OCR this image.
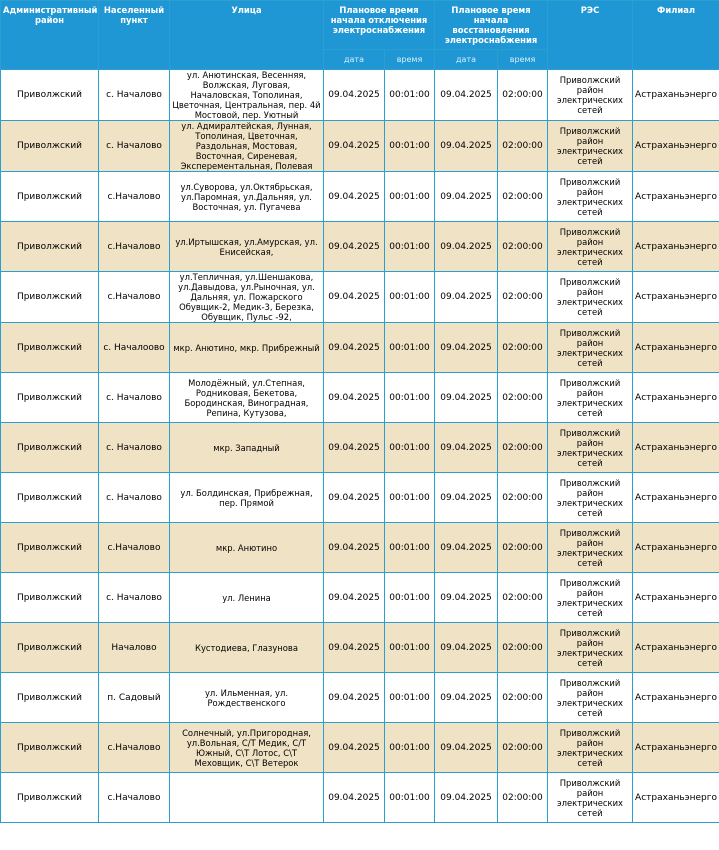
Административный район	Населенный пункт	Улица	Плановое время начала отключения электроснабжения		Плановое время начала восстановления электроснабжения		РЭС	Филиал
			дата	время	дата	время		
Приволжский	с. Началово	ул. Анютинская, Весенняя, Волжская, Луговая, Началовская, Тополиная, Цветочная, Центральная, пер. 4й Мостовой, пер. Уютный	09.04.2025	00:01:00	09.04.2025	02:00:00	Приволжский район электрических сетей	Астраханьэнерго
Приволжский	с. Началово	ул. Адмиралтейская, Лунная, Тополиная, Цветочная, Раздольная, Мостовая, Восточная, Сиреневая, Эксперементальная, Полевая	09.04.2025	00:01:00	09.04.2025	02:00:00	Приволжский район электрических сетей	Астраханьэнерго
Приволжский	с.Началово	ул.Суворова, ул.Октябрьская, ул.Паромная, ул.Дальняя, ул. Восточная, ул. Пугачева	09.04.2025	00:01:00	09.04.2025	02:00:00	Приволжский район электрических сетей	Астраханьэнерго
Приволжский	с.Началово	ул.Иртышская, ул.Амурская, ул. Енисейская,	09.04.2025	00:01:00	09.04.2025	02:00:00	Приволжский район электрических сетей	Астраханьэнерго
Приволжский	с.Началово	ул.Тепличная, ул.Шеншакова, ул.Давыдова, ул.Рыночная, ул. Дальняя, ул. Пожарского Обувщик-2, Медик-3, Березка, Обувщик, Пульс -92,	09.04.2025	00:01:00	09.04.2025	02:00:00	Приволжский район электрических сетей	Астраханьэнерго
Приволжский	с. Началоово	мкр. Анютино, мкр. Прибрежный	09.04.2025	00:01:00	09.04.2025	02:00:00	Приволжский район электрических сетей	Астраханьэнерго
Приволжский	с. Началово	Молодёжный, ул.Степная, Родниковая, Бекетова, Бородинская, Виноградная, Репина, Кутузова,	09.04.2025	00:01:00	09.04.2025	02:00:00	Приволжский район электрических сетей	Астраханьэнерго
Приволжский	с. Началово	мкр. Западный	09.04.2025	00:01:00	09.04.2025	02:00:00	Приволжский район электрических сетей	Астраханьэнерго
Приволжский	с. Началово	ул. Болдинская, Прибрежная, пер. Прямой	09.04.2025	00:01:00	09.04.2025	02:00:00	Приволжский район электрических сетей	Астраханьэнерго
Приволжский	с.Началово	мкр. Анютино	09.04.2025	00:01:00	09.04.2025	02:00:00	Приволжский район электрических сетей	Астраханьэнерго
Приволжский	с. Началово	ул. Ленина	09.04.2025	00:01:00	09.04.2025	02:00:00	Приволжский район электрических сетей	Астраханьэнерго
Приволжский	Началово	Кустодиева, Глазунова	09.04.2025	00:01:00	09.04.2025	02:00:00	Приволжский район электрических сетей	Астраханьэнерго
Приволжский	п. Садовый	ул. Ильменная, ул. Рождественского	09.04.2025	00:01:00	09.04.2025	02:00:00	Приволжский район электрических сетей	Астраханьэнерго
Приволжский	с.Началово	Солнечный, ул.Пригородная, ул.Вольная, С/Т Медик, С/Т Южный, С\Т Лотос, С\Т Меховщик, С\Т Ветерок	09.04.2025	00:01:00	09.04.2025	02:00:00	Приволжский район электрических сетей	Астраханьэнерго
Приволжский	с.Началово		09.04.2025	00:01:00	09.04.2025	02:00:00	Приволжский район электрических сетей	Астраханьэнерго
